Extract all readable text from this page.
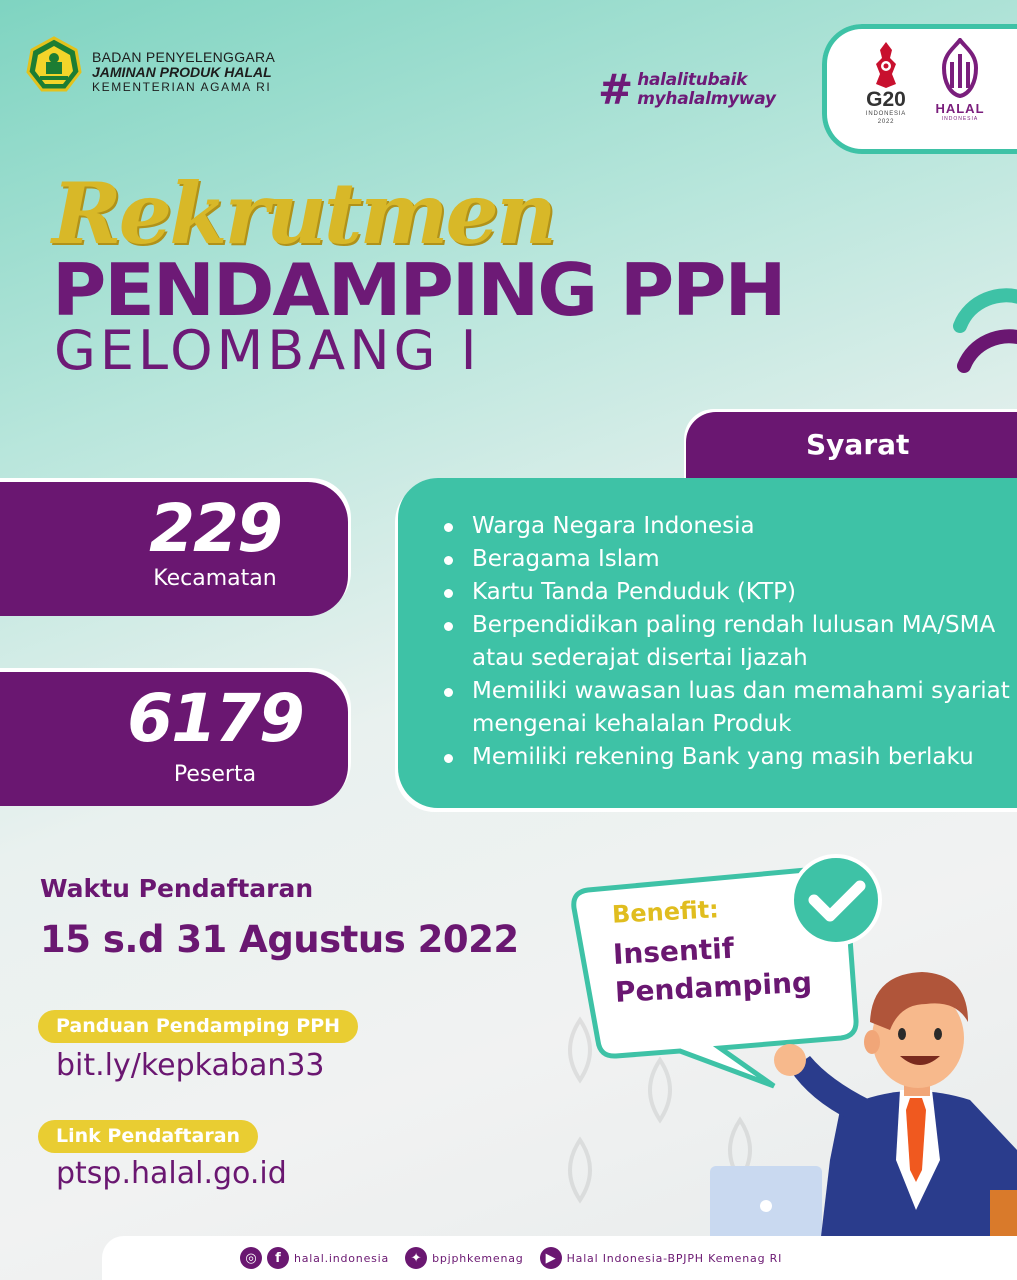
BADAN PENYELENGGARA
JAMINAN PRODUK HALAL
KEMENTERIAN AGAMA RI	# halalitubaik
myhalalmyway	G20
INDONESIA
2022
HALAL
INDONESIA
Rekrutmen
PENDAMPING PPH
GELOMBANG I
Syarat
Warga Negara Indonesia
Beragama Islam
Kartu Tanda Penduduk (KTP)
Berpendidikan paling rendah lulusan MA/SMA atau sederajat disertai Ijazah
Memiliki wawasan luas dan memahami syariat mengenai kehalalan Produk
Memiliki rekening Bank yang masih berlaku
229
Kecamatan
6179
Peserta
Waktu Pendaftaran
15 s.d 31 Agustus 2022
Panduan Pendamping PPH
bit.ly/kepkaban33
Link Pendaftaran
ptsp.halal.go.id
Benefit:
Insentif
Pendamping
◎	f	halal.indonesia	✦ bpjphkemenag	▶	Halal Indonesia-BPJPH Kemenag RI
